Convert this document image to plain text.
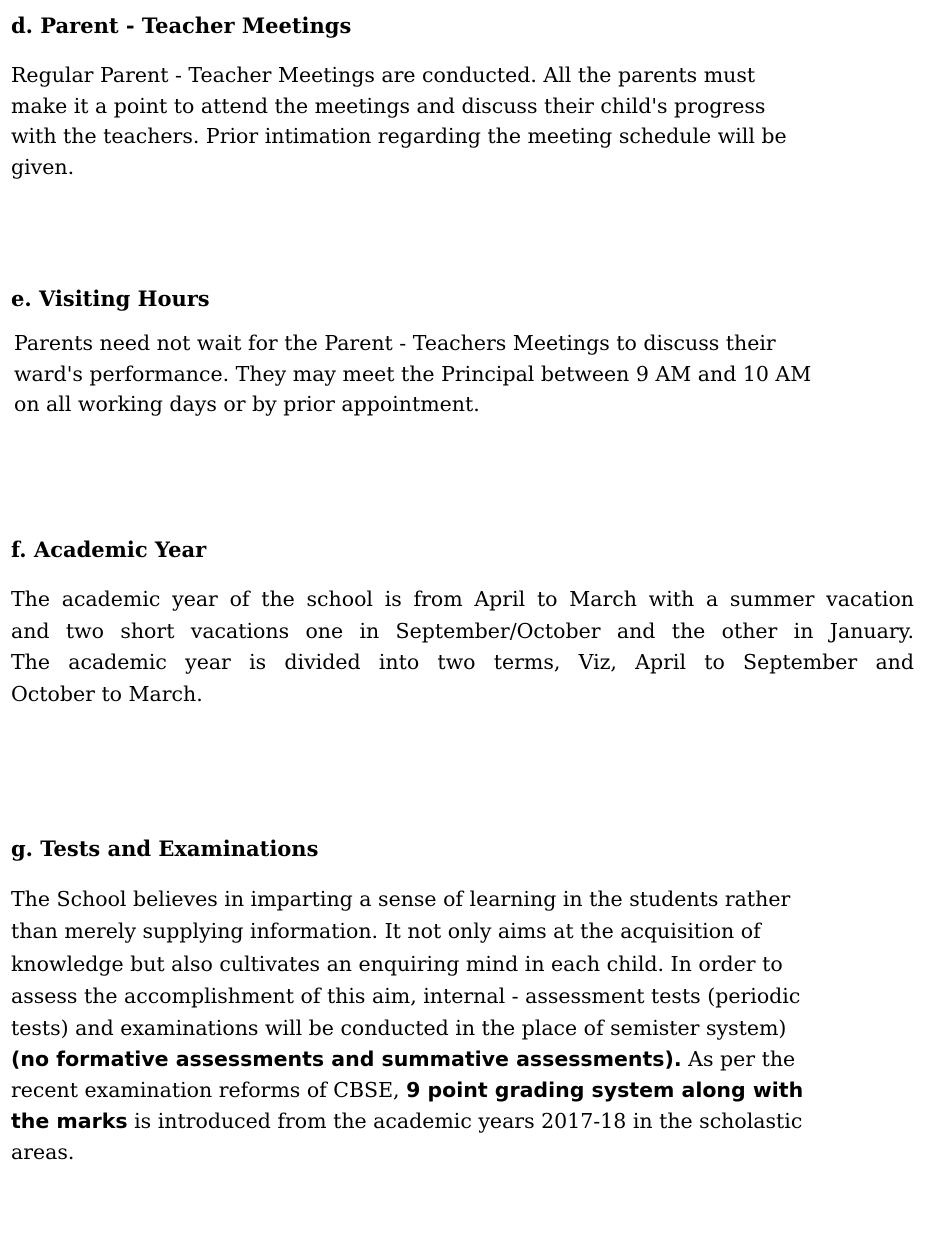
d. Parent - Teacher Meetings
Regular Parent - Teacher Meetings are conducted. All the parents must
make it a point to attend the meetings and discuss their child's progress
with the teachers. Prior intimation regarding the meeting schedule will be
given.
e. Visiting Hours
Parents need not wait for the Parent - Teachers Meetings to discuss their
ward's performance. They may meet the Principal between 9 AM and 10 AM
on all working days or by prior appointment.
f. Academic Year
The academic year of the school is from April to March with a summer vacation
and two short vacations one in September/October and the other in January.
The academic year is divided into two terms, Viz, April to September and
October to March.
g. Tests and Examinations
The School believes in imparting a sense of learning in the students rather
than merely supplying information. It not only aims at the acquisition of
knowledge but also cultivates an enquiring mind in each child. In order to
assess the accomplishment of this aim, internal - assessment tests (periodic
tests) and examinations will be conducted in the place of semister system)
(no formative assessments and summative assessments). As per the
recent examination reforms of CBSE, 9 point grading system along with
the marks is introduced from the academic years 2017-18 in the scholastic
areas.
